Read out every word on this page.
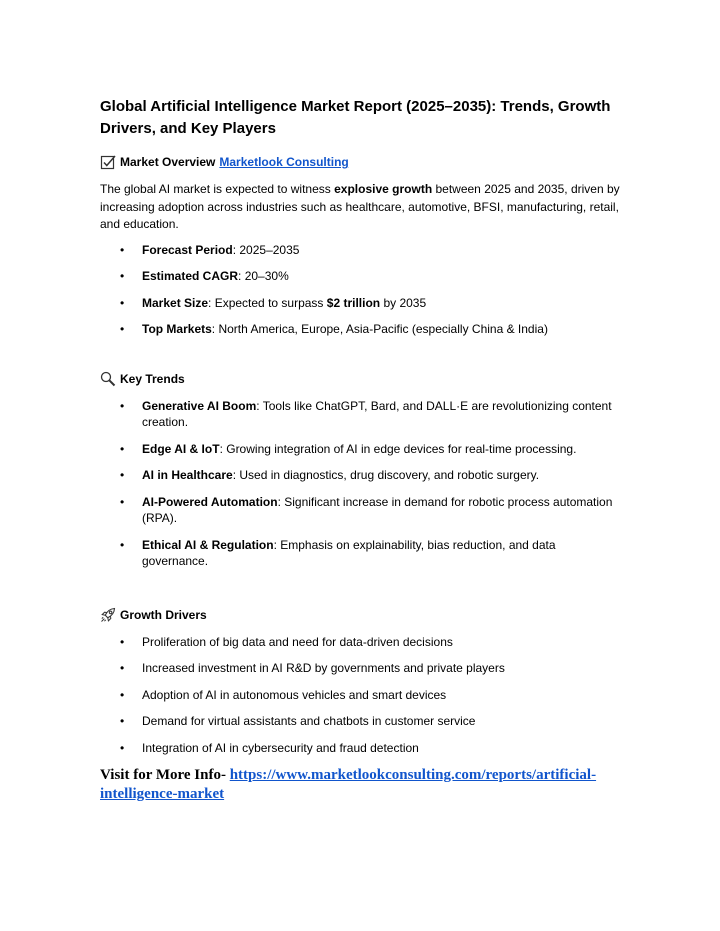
Global Artificial Intelligence Market Report (2025–2035): Trends, Growth Drivers, and Key Players
Market Overview Marketlook Consulting

The global AI market is expected to witness explosive growth between 2025 and 2035, driven by increasing adoption across industries such as healthcare, automotive, BFSI, manufacturing, retail, and education.

• Forecast Period: 2025–2035
• Estimated CAGR: 20–30%
• Market Size: Expected to surpass $2 trillion by 2035
• Top Markets: North America, Europe, Asia-Pacific (especially China & India)
Key Trends
• Generative AI Boom: Tools like ChatGPT, Bard, and DALL·E are revolutionizing content creation.
• Edge AI & IoT: Growing integration of AI in edge devices for real-time processing.
• AI in Healthcare: Used in diagnostics, drug discovery, and robotic surgery.
• AI-Powered Automation: Significant increase in demand for robotic process automation (RPA).
• Ethical AI & Regulation: Emphasis on explainability, bias reduction, and data governance.
Growth Drivers
• Proliferation of big data and need for data-driven decisions
• Increased investment in AI R&D by governments and private players
• Adoption of AI in autonomous vehicles and smart devices
• Demand for virtual assistants and chatbots in customer service
• Integration of AI in cybersecurity and fraud detection
Visit for More Info- https://www.marketlookconsulting.com/reports/artificial-intelligence-market
